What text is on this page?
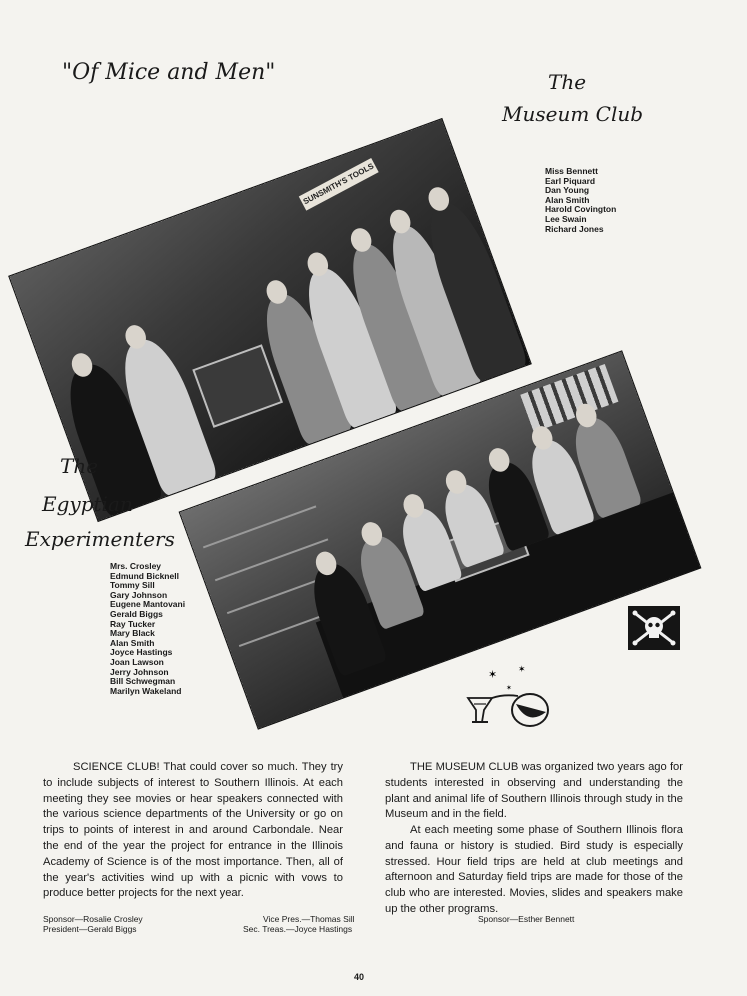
"Of Mice and Men"	The
Museum Club
Miss Bennett
Earl Piquard
Dan Young
Alan Smith
Harold Covington
Lee Swain
Richard Jones
SUNSMITH'S TOOLS
The
Egyptian
Experimenters
Mrs. Crosley
Edmund Bicknell
Tommy Sill
Gary Johnson
Eugene Mantovani
Gerald Biggs
Ray Tucker
Mary Black
Alan Smith
Joyce Hastings
Joan Lawson
Jerry Johnson
Bill Schwegman
Marilyn Wakeland
✶ ✶
✶

SCIENCE CLUB! That could cover so much. They try to include subjects of interest to Southern Illinois. At each meeting they see movies or hear speakers connected with the various science departments of the University or go on trips to points of interest in and around Carbondale. Near the end of the year the project for entrance in the Illinois Academy of Science is of the most importance. Then, all of the year's activities wind up with a picnic with vows to produce better projects for the next year.

THE MUSEUM CLUB was organized two years ago for students interested in observing and understanding the plant and animal life of Southern Illinois through study in the Museum and in the field.

At each meeting some phase of Southern Illinois flora and fauna or history is studied. Bird study is especially stressed. Hour field trips are held at club meetings and afternoon and Saturday field trips are made for those of the club who are interested. Movies, slides and speakers make up the other programs.

Sponsor—Rosalie Crosley
President—Gerald Biggs
Vice Pres.—Thomas Sill
Sec. Treas.—Joyce Hastings
Sponsor—Esther Bennett
40
